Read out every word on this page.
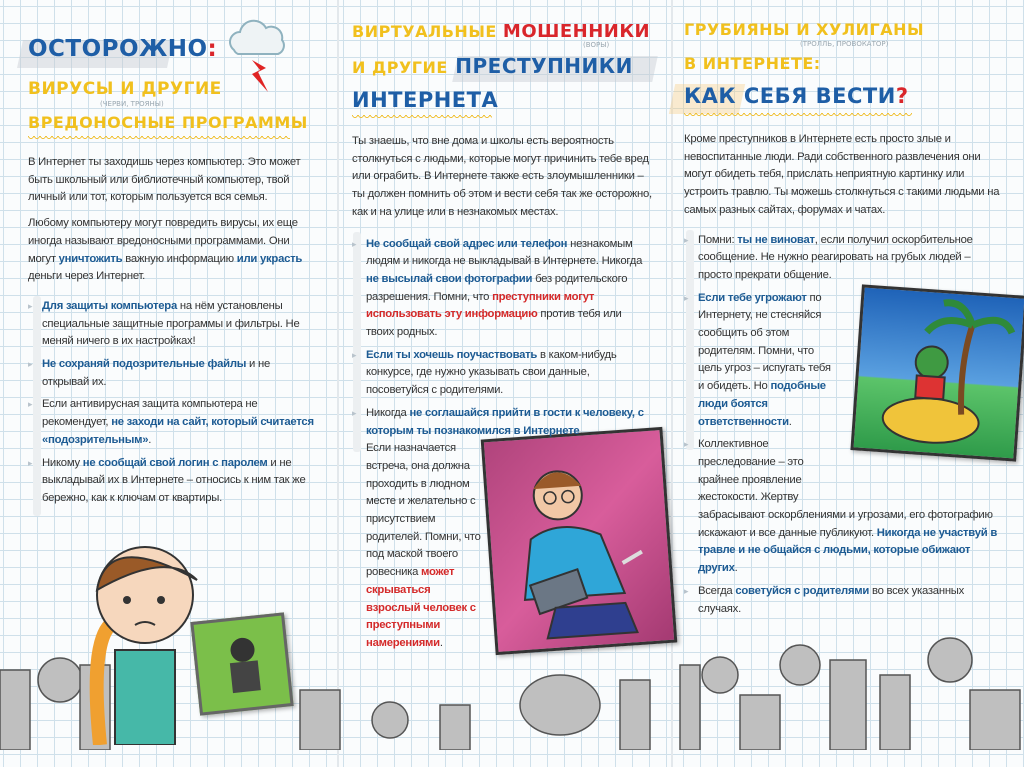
ОСТОРОЖНО:
ВИРУСЫ И ДРУГИЕ
(ЧЕРВИ, ТРОЯНЫ)
ВРЕДОНОСНЫЕ ПРОГРАММЫ

В Интернет ты заходишь через компьютер. Это может быть школьный или библиотечный компьютер, твой личный или тот, которым пользуется вся семья.

Любому компьютеру могут повредить вирусы, их еще иногда называют вредоносными программами. Они могут уничтожить важную информацию или украсть деньги через Интернет.

▸ Для защиты компьютера на нём установлены специальные защитные программы и фильтры. Не меняй ничего в их настройках!
▸ Не сохраняй подозрительные файлы и не открывай их.
▸ Если антивирусная защита компьютера не рекомендует, не заходи на сайт, который считается «подозрительным».
▸ Никому не сообщай свой логин с паролем и не выкладывай их в Интернете – относись к ним так же бережно, как к ключам от квартиры.
ВИРТУАЛЬНЫЕ МОШЕННИКИ
(ВОРЫ)
И ДРУГИЕ ПРЕСТУПНИКИ
ИНТЕРНЕТА

Ты знаешь, что вне дома и школы есть вероятность столкнуться с людьми, которые могут причинить тебе вред или ограбить. В Интернете также есть злоумышленники – ты должен помнить об этом и вести себя так же осторожно, как и на улице или в незнакомых местах.

▸ Не сообщай свой адрес или телефон незнакомым людям и никогда не выкладывай в Интернете. Никогда не высылай свои фотографии без родительского разрешения. Помни, что преступники могут использовать эту информацию против тебя или твоих родных.
▸ Если ты хочешь поучаствовать в каком-нибудь конкурсе, где нужно указывать свои данные, посоветуйся с родителями.
▸ Никогда не соглашайся прийти в гости к человеку, с которым ты познакомился в Интернете.
Если назначается встреча, она должна проходить в людном месте и желательно с присутствием родителей. Помни, что под маской твоего ровесника может скрываться взрослый человек с преступными намерениями.
ГРУБИЯНЫ И ХУЛИГАНЫ
(ТРОЛЛЬ, ПРОВОКАТОР)
В ИНТЕРНЕТЕ:
КАК СЕБЯ ВЕСТИ?

Кроме преступников в Интернете есть просто злые и невоспитанные люди. Ради собственного развлечения они могут обидеть тебя, прислать неприятную картинку или устроить травлю. Ты можешь столкнуться с такими людьми на самых разных сайтах, форумах и чатах.

▸ Помни: ты не виноват, если получил оскорбительное сообщение. Не нужно реагировать на грубых людей – просто прекрати общение.
▸ Если тебе угрожают по Интернету, не стесняйся сообщить об этом родителям. Помни, что цель угроз – испугать тебя и обидеть. Но подобные люди боятся ответственности.
▸ Коллективное преследование – это крайнее проявление жестокости. Жертву
забрасывают оскорблениями и угрозами, его фотографию искажают и все данные публикуют. Никогда не участвуй в травле и не общайся с людьми, которые обижают других.
▸ Всегда советуйся с родителями во всех указанных случаях.
